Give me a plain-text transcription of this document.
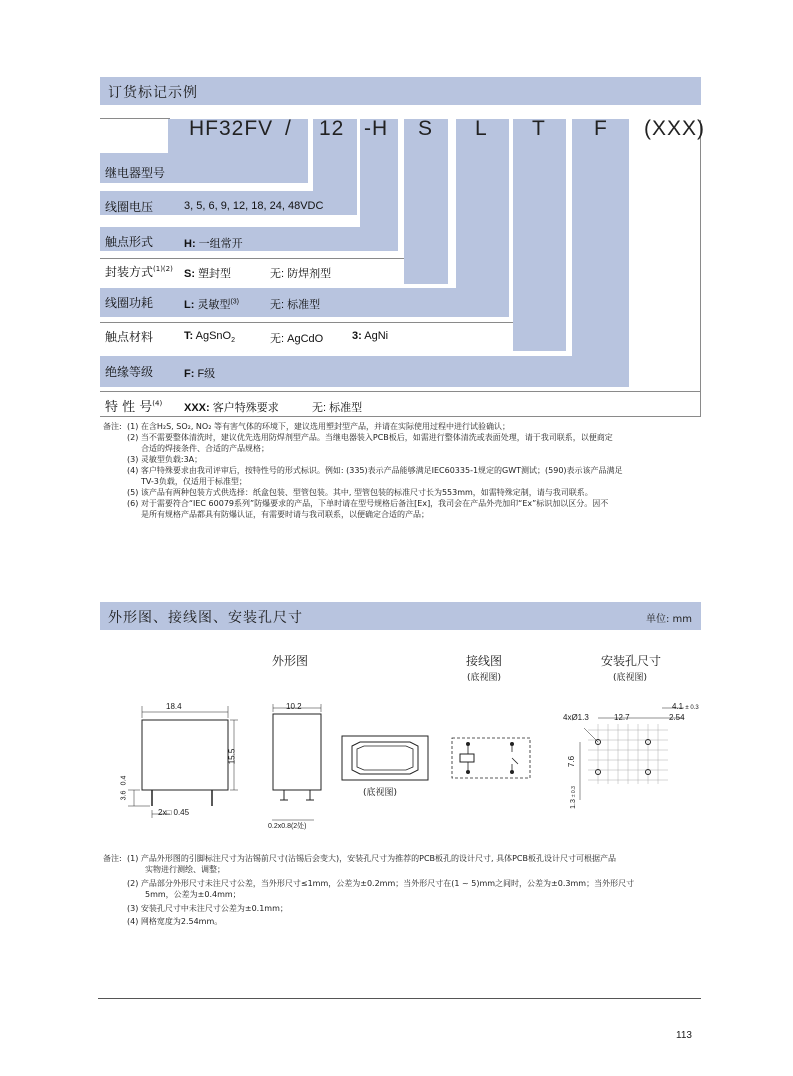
订货标记示例
HF32FV / 12 -H S L T F (XXX)
继电器型号
线圈电压	3, 5, 6, 9, 12, 18, 24, 48VDC
触点形式	H: 一组常开
封装方式$^{(1)(2)}$ S: 塑封型	无: 防焊剂型
线圈功耗	L: 灵敏型$^{(3)}$	无: 标准型
触点材料	T: AgSnO$_2$	无: AgCdO	3: AgNi
绝缘等级	F: F级
特 性 号$^{(4)}$ XXX: 客户特殊要求	无: 标准型
备注: (1) 在含H₂S, SO₂, NO₂ 等有害气体的环境下，建议选用塑封型产品，并请在实际使用过程中进行试验确认；
(2) 当不需要整体清洗时，建议优先选用防焊剂型产品。当继电器装入PCB板后，如需进行整体清洗或表面处理，请于我司联系，以便商定
合适的焊接条件、合适的产品规格；
(3) 灵敏型负载:3A；
(4) 客户特殊要求由我司评审后，按特性号的形式标识。例如: (335)表示产品能够满足IEC60335-1规定的GWT测试；(590)表示该产品满足
TV-3负载，仅适用于标准型；
(5) 该产品有两种包装方式供选择：纸盒包装、型管包装。其中, 型管包装的标准尺寸长为553mm，如需特殊定制，请与我司联系。
(6) 对于需要符合“IEC 60079系列”防爆要求的产品，下单时请在型号规格后备注[Ex]，我司会在产品外壳加印“Ex”标识加以区分。因不
是所有规格产品都具有防爆认证，有需要时请与我司联系，以便确定合适的产品；
外形图、接线图、安装孔尺寸	单位: mm
外形图	接线图	安装孔尺寸
(底视图)	(底视图)
18.4
15.5
3.6
0.4
2x□ 0.45
10.2
0.2x0.8(2处)
(底视图)
4.1 ± 0.3
4xØ1.3	12.7	2.54
7.6
1.3 ± 0.3
备注: (1) 产品外形图的引脚标注尺寸为沾锡前尺寸(沾锡后会变大)，安装孔尺寸为推荐的PCB板孔的设计尺寸, 具体PCB板孔设计尺寸可根据产品
实物进行测绘、调整；
(2) 产品部分外形尺寸未注尺寸公差，当外形尺寸≤1mm，公差为±0.2mm；当外形尺寸在(1 ~ 5)mm之间时，公差为±0.3mm；当外形尺寸
5mm，公差为±0.4mm；
(3) 安装孔尺寸中未注尺寸公差为±0.1mm；
(4) 网格宽度为2.54mm。
113
